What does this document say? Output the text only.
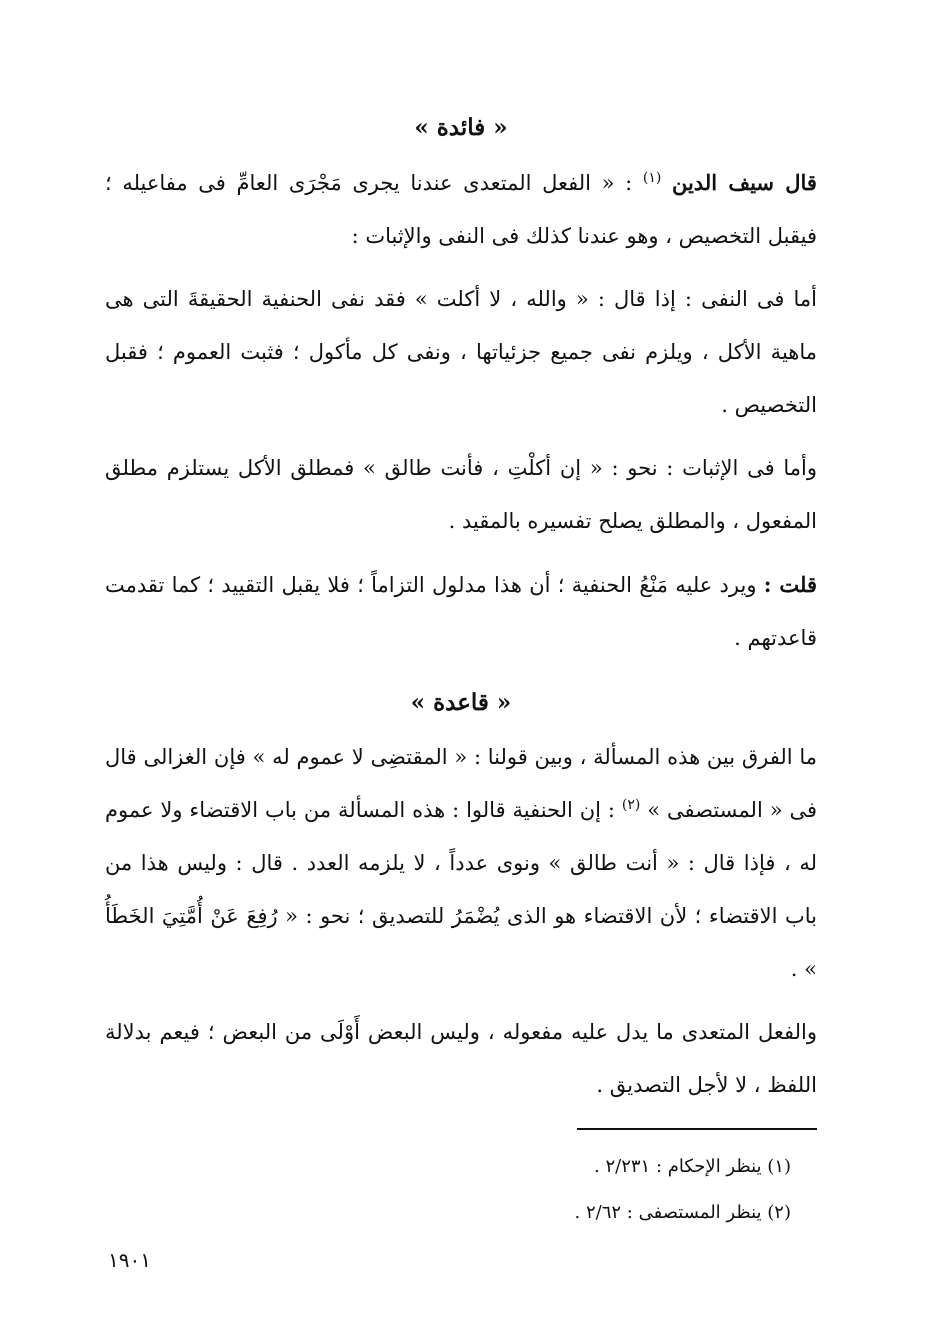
« فائدة »

قال سيف الدين $^{(١)}$ : « الفعل المتعدى عندنا يجرى مَجْرَى العامِّ فى مفاعيله ؛ فيقبل التخصيص ، وهو عندنا كذلك فى النفى والإثبات :

أما فى النفى : إذا قال : « والله ، لا أكلت » فقد نفى الحنفية الحقيقةَ التى هى ماهية الأكل ، ويلزم نفى جميع جزئياتها ، ونفى كل مأكول ؛ فثبت العموم ؛ فقبل التخصيص .

وأما فى الإثبات : نحو : « إن أكلْتِ ، فأنت طالق » فمطلق الأكل يستلزم مطلق المفعول ، والمطلق يصلح تفسيره بالمقيد .

قلت : ويرد عليه مَنْعُ الحنفية ؛ أن هذا مدلول التزاماً ؛ فلا يقبل التقييد ؛ كما تقدمت قاعدتهم .

« قاعدة »

ما الفرق بين هذه المسألة ، وبين قولنا : « المقتضِى لا عموم له » فإن الغزالى قال فى « المستصفى » $^{(٢)}$ : إن الحنفية قالوا : هذه المسألة من باب الاقتضاء ولا عموم له ، فإذا قال : « أنت طالق » ونوى عدداً ، لا يلزمه العدد . قال : وليس هذا من باب الاقتضاء ؛ لأن الاقتضاء هو الذى يُضْمَرُ للتصديق ؛ نحو : « رُفِعَ عَنْ أُمَّتِيَ الخَطَأُ » .

والفعل المتعدى ما يدل عليه مفعوله ، وليس البعض أَوْلَى من البعض ؛ فيعم بدلالة اللفظ ، لا لأجل التصديق .

(١) ينظر الإحكام : ٢/٢٣١ .

(٢) ينظر المستصفى : ٢/٦٢ .

١٩٠١
